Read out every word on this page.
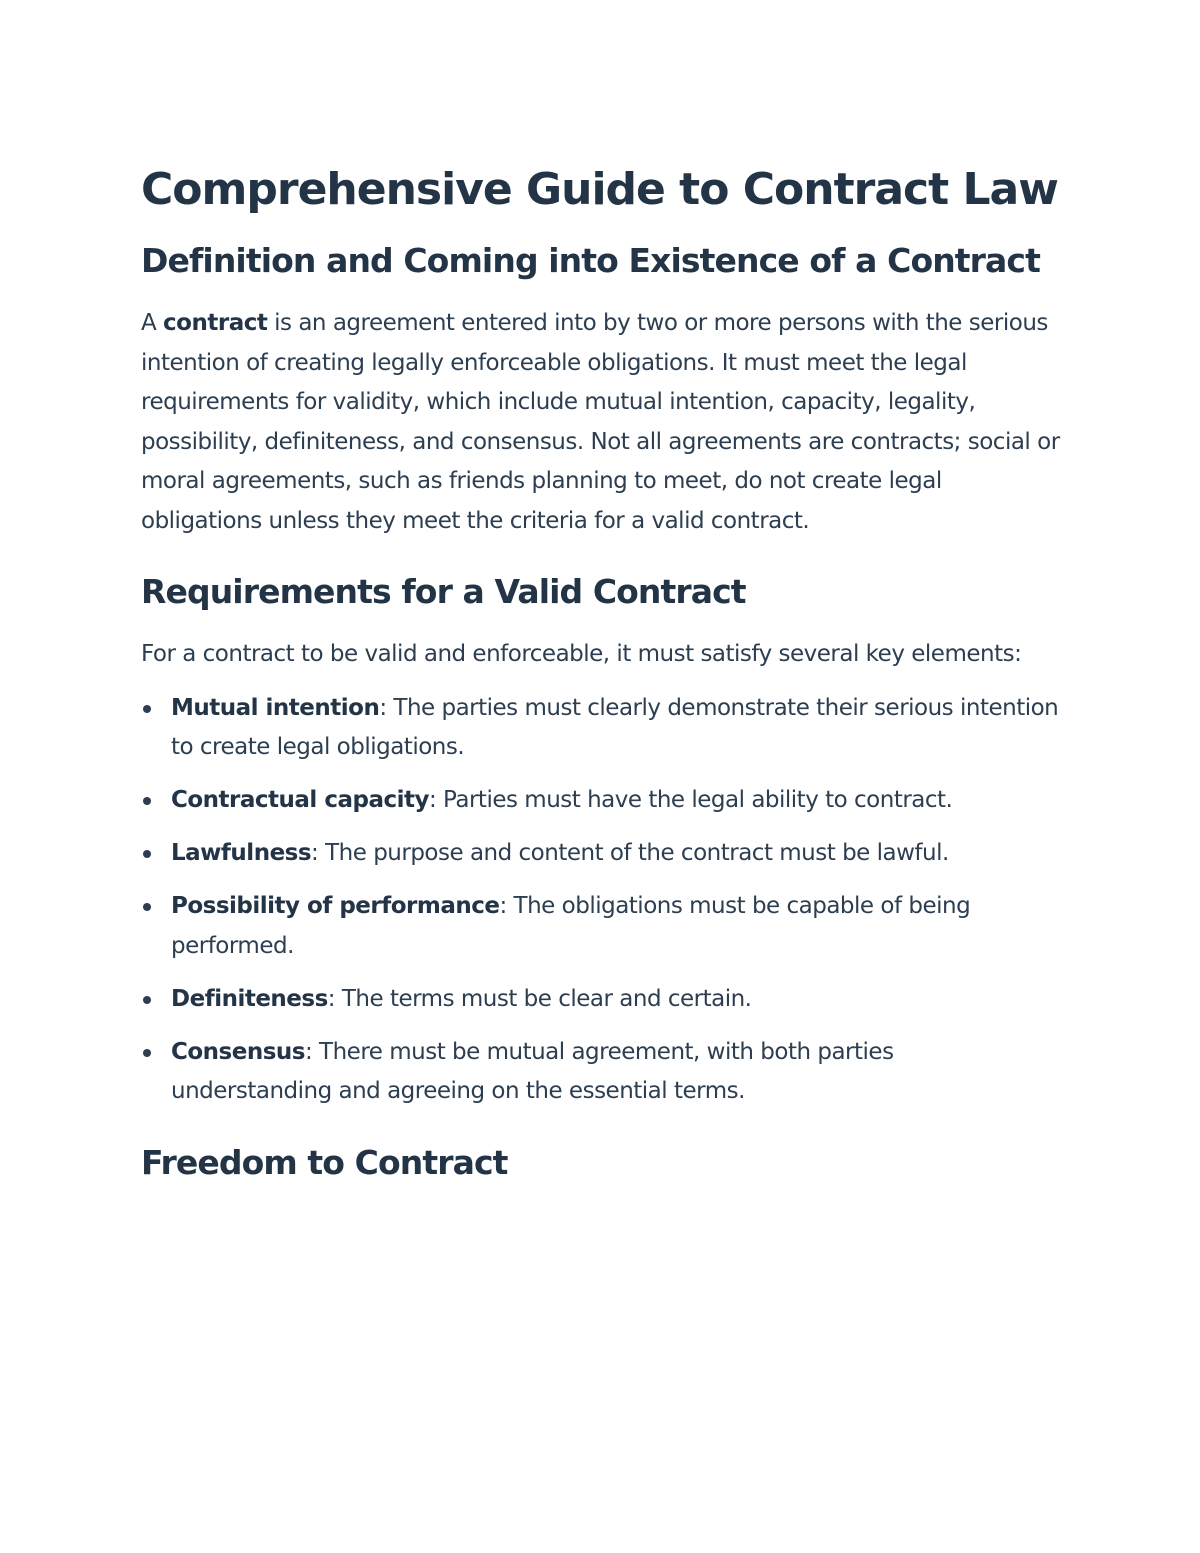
Comprehensive Guide to Contract Law
Definition and Coming into Existence of a Contract

A contract is an agreement entered into by two or more persons with the serious intention of creating legally enforceable obligations. It must meet the legal requirements for validity, which include mutual intention, capacity, legality, possibility, definiteness, and consensus. Not all agreements are contracts; social or moral agreements, such as friends planning to meet, do not create legal obligations unless they meet the criteria for a valid contract.

Requirements for a Valid Contract

For a contract to be valid and enforceable, it must satisfy several key elements:

Mutual intention: The parties must clearly demonstrate their serious intention to create legal obligations.
Contractual capacity: Parties must have the legal ability to contract.
Lawfulness: The purpose and content of the contract must be lawful.
Possibility of performance: The obligations must be capable of being performed.
Definiteness: The terms must be clear and certain.
Consensus: There must be mutual agreement, with both parties understanding and agreeing on the essential terms.
Freedom to Contract
